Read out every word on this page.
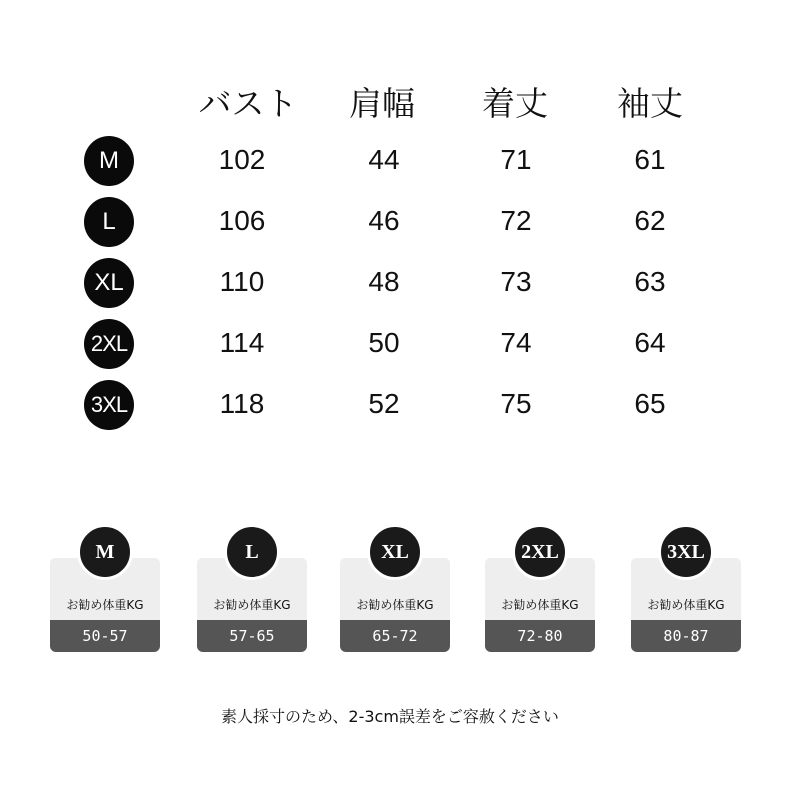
バスト	肩幅	着丈	袖丈
M	102	44	71	61
L	106	46	72	62
XL	110	48	73	63
2XL	114	50	74	64
3XL	118	52	75	65
M
お勧め体重KG
50-57
L
お勧め体重KG
57-65
XL
お勧め体重KG
65-72
2XL
お勧め体重KG
72-80
3XL
お勧め体重KG
80-87
素人採寸のため、2-3cm誤差をご容赦ください
